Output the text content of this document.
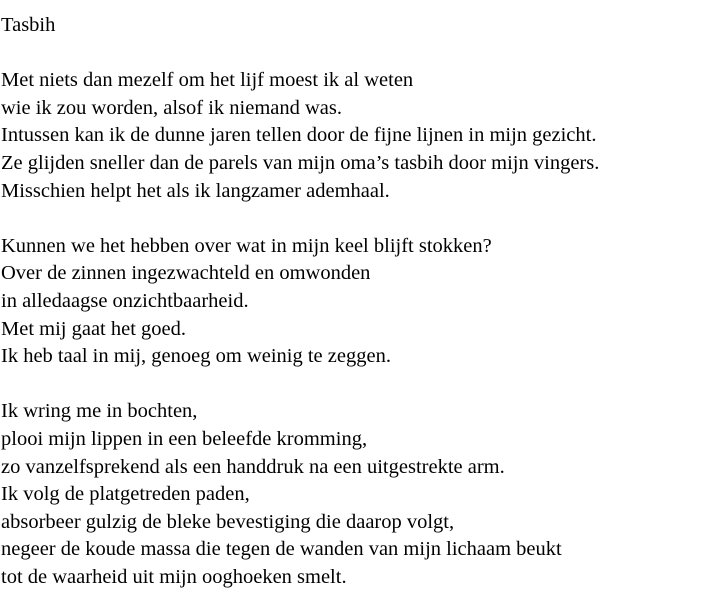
Tasbih
Met niets dan mezelf om het lijf moest ik al weten
wie ik zou worden, alsof ik niemand was.
Intussen kan ik de dunne jaren tellen door de fijne lijnen in mijn gezicht.
Ze glijden sneller dan de parels van mijn oma’s tasbih door mijn vingers.
Misschien helpt het als ik langzamer ademhaal.
Kunnen we het hebben over wat in mijn keel blijft stokken?
Over de zinnen ingezwachteld en omwonden
in alledaagse onzichtbaarheid.
Met mij gaat het goed.
Ik heb taal in mij, genoeg om weinig te zeggen.
Ik wring me in bochten,
plooi mijn lippen in een beleefde kromming,
zo vanzelfsprekend als een handdruk na een uitgestrekte arm.
Ik volg de platgetreden paden,
absorbeer gulzig de bleke bevestiging die daarop volgt,
negeer de koude massa die tegen de wanden van mijn lichaam beukt
tot de waarheid uit mijn ooghoeken smelt.
